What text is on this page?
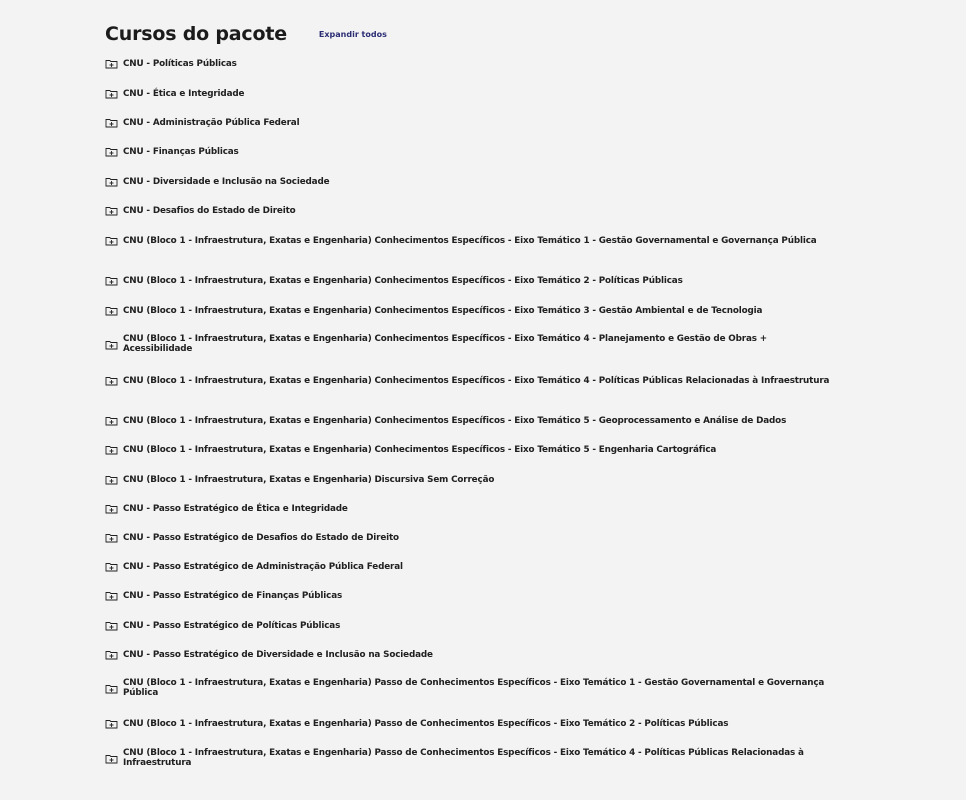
Cursos do pacote	Expandir todos
CNU - Políticas Públicas
CNU - Ética e Integridade
CNU - Administração Pública Federal
CNU - Finanças Públicas
CNU - Diversidade e Inclusão na Sociedade
CNU - Desafios do Estado de Direito
CNU (Bloco 1 - Infraestrutura, Exatas e Engenharia) Conhecimentos Específicos - Eixo Temático 1 - Gestão Governamental e Governança Pública
CNU (Bloco 1 - Infraestrutura, Exatas e Engenharia) Conhecimentos Específicos - Eixo Temático 2 - Políticas Públicas
CNU (Bloco 1 - Infraestrutura, Exatas e Engenharia) Conhecimentos Específicos - Eixo Temático 3 - Gestão Ambiental e de Tecnologia
CNU (Bloco 1 - Infraestrutura, Exatas e Engenharia) Conhecimentos Específicos - Eixo Temático 4 - Planejamento e Gestão de Obras + Acessibilidade
CNU (Bloco 1 - Infraestrutura, Exatas e Engenharia) Conhecimentos Específicos - Eixo Temático 4 - Políticas Públicas Relacionadas à Infraestrutura
CNU (Bloco 1 - Infraestrutura, Exatas e Engenharia) Conhecimentos Específicos - Eixo Temático 5 - Geoprocessamento e Análise de Dados
CNU (Bloco 1 - Infraestrutura, Exatas e Engenharia) Conhecimentos Específicos - Eixo Temático 5 - Engenharia Cartográfica
CNU (Bloco 1 - Infraestrutura, Exatas e Engenharia) Discursiva Sem Correção
CNU - Passo Estratégico de Ética e Integridade
CNU - Passo Estratégico de Desafios do Estado de Direito
CNU - Passo Estratégico de Administração Pública Federal
CNU - Passo Estratégico de Finanças Públicas
CNU - Passo Estratégico de Políticas Públicas
CNU - Passo Estratégico de Diversidade e Inclusão na Sociedade
CNU (Bloco 1 - Infraestrutura, Exatas e Engenharia) Passo de Conhecimentos Específicos - Eixo Temático 1 - Gestão Governamental e Governança Pública
CNU (Bloco 1 - Infraestrutura, Exatas e Engenharia) Passo de Conhecimentos Específicos - Eixo Temático 2 - Políticas Públicas
CNU (Bloco 1 - Infraestrutura, Exatas e Engenharia) Passo de Conhecimentos Específicos - Eixo Temático 4 - Políticas Públicas Relacionadas à Infraestrutura
